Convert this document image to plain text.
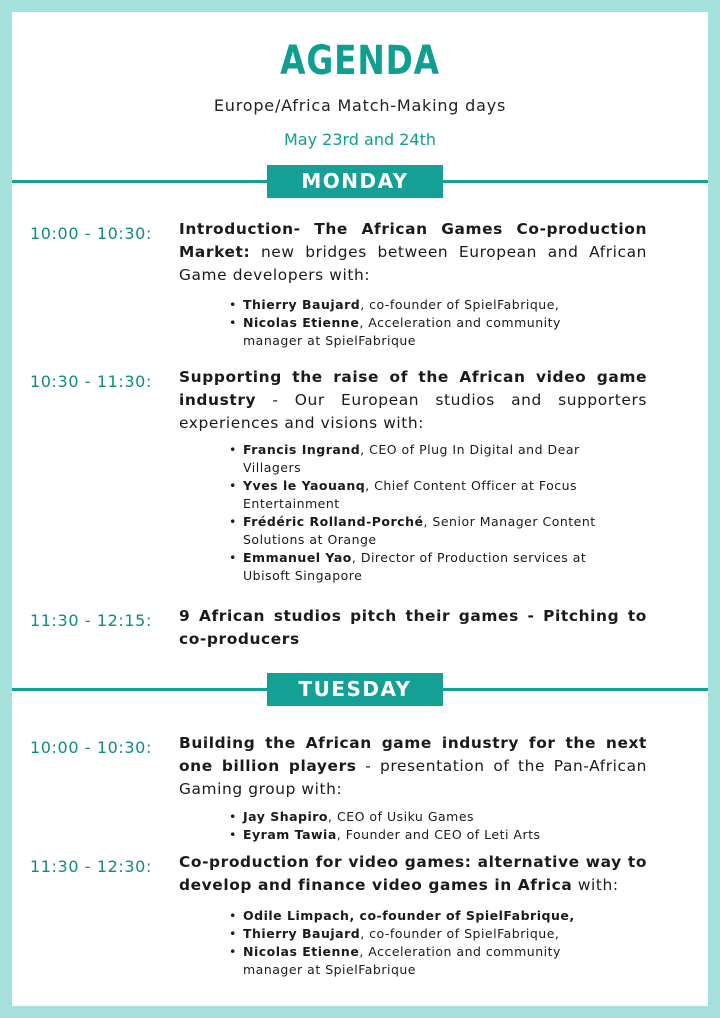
AGENDA
Europe/Africa Match-Making days
May 23rd and 24th
MONDAY
10:00 - 10:30: Introduction- The African Games Co-production Market: new bridges between European and African Game developers with:
• Thierry Baujard, co-founder of SpielFabrique,
• Nicolas Etienne, Acceleration and community manager at SpielFabrique
10:30 - 11:30: Supporting the raise of the African video game industry - Our European studios and supporters experiences and visions with:
• Francis Ingrand, CEO of Plug In Digital and Dear Villagers
• Yves le Yaouanq, Chief Content Officer at Focus Entertainment
• Frédéric Rolland-Porché, Senior Manager Content Solutions at Orange
• Emmanuel Yao, Director of Production services at Ubisoft Singapore
11:30 - 12:15: 9 African studios pitch their games - Pitching to co-producers
TUESDAY
10:00 - 10:30: Building the African game industry for the next one billion players - presentation of the Pan-African Gaming group with:
• Jay Shapiro, CEO of Usiku Games
• Eyram Tawia, Founder and CEO of Leti Arts
11:30 - 12:30: Co-production for video games: alternative way to develop and finance video games in Africa with:
• Odile Limpach, co-founder of SpielFabrique,
• Thierry Baujard, co-founder of SpielFabrique,
• Nicolas Etienne, Acceleration and community manager at SpielFabrique
